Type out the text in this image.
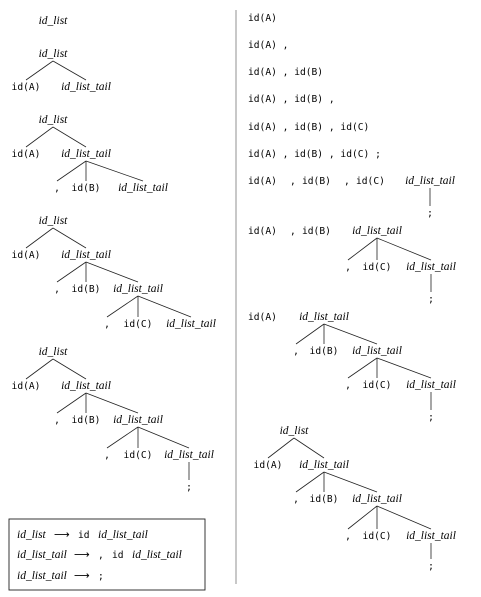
id_list
id_list
id(A) id_list_tail
id_list
id(A) id_list_tail
, id(B) id_list_tail
id_list
id(A) id_list_tail
, id(B) id_list_tail
, id(C) id_list_tail
id_list
id(A) id_list_tail
, id(B) id_list_tail
, id(C) id_list_tail
;
id_list ⟶ id id_list_tail
id_list_tail ⟶ , id id_list_tail
id_list_tail ⟶ ;
id(A)
id(A) ,
id(A) , id(B)
id(A) , id(B) ,
id(A) , id(B) , id(C)
id(A) , id(B) , id(C) ;
id(A) , id(B) , id(C) id_list_tail
;
id(A) , id(B) id_list_tail
, id(C) id_list_tail
;
id(A) id_list_tail
, id(B) id_list_tail
, id(C) id_list_tail
;
id_list
id(A) id_list_tail
, id(B) id_list_tail
, id(C) id_list_tail
;
